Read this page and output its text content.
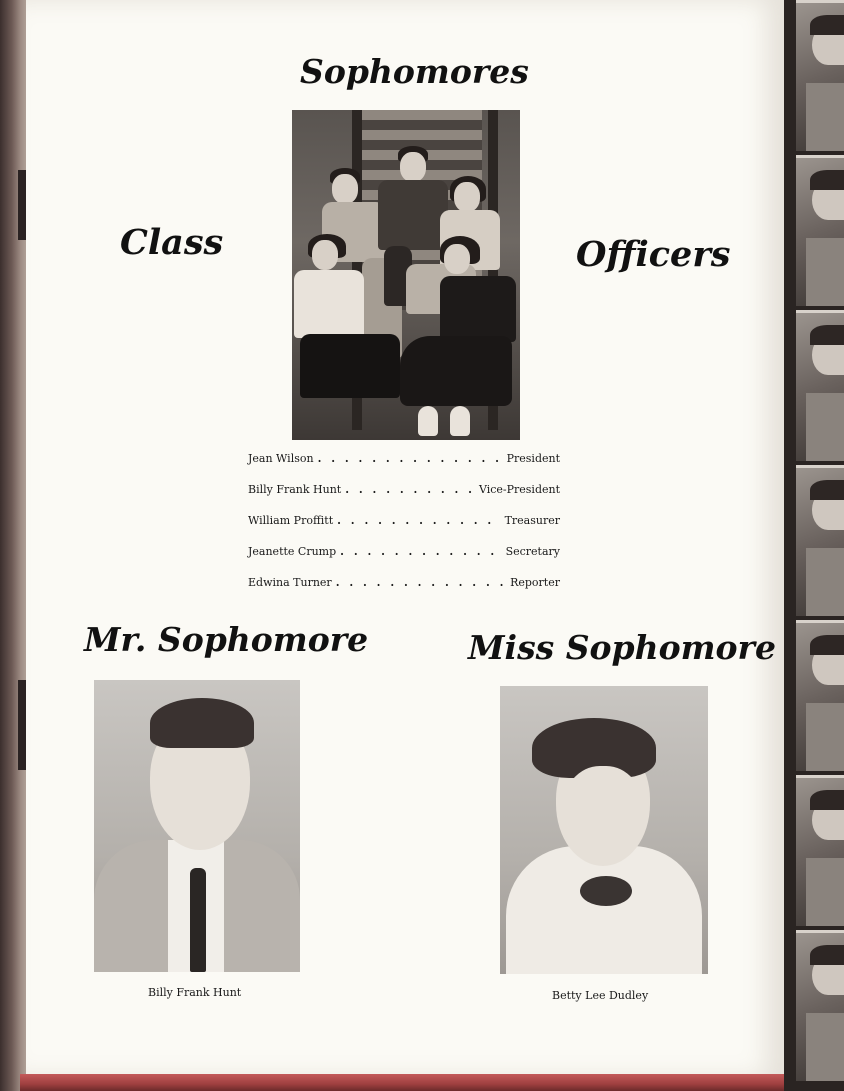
Sophomores
Class	Officers
Jean Wilson . . .	President
Billy Frank Hunt . . .	Vice-President
William Proffitt . . .	Treasurer
Jeanette Crump . . .	Secretary
Edwina Turner . . .	Reporter
Mr. Sophomore	Miss Sophomore
Billy Frank Hunt	Betty Lee Dudley
